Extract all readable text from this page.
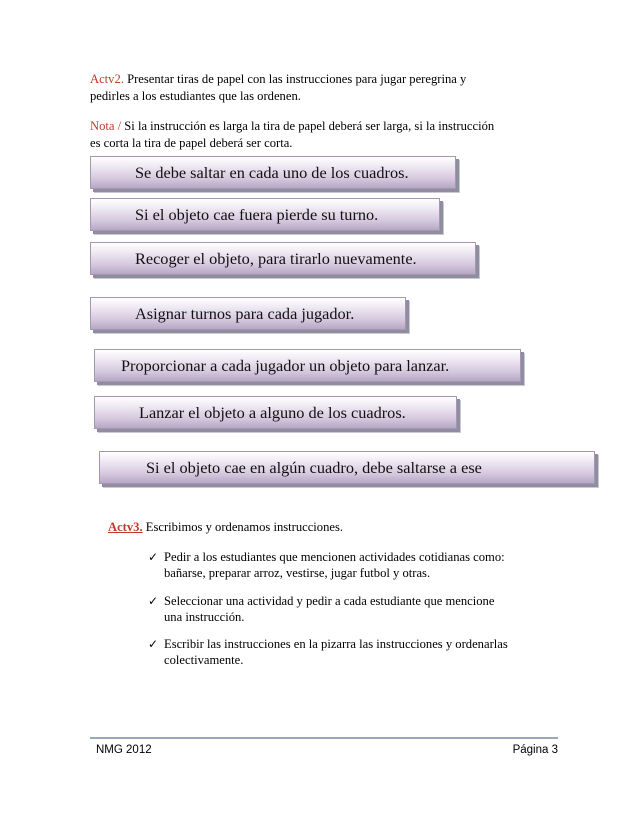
Actv2. Presentar tiras de papel con las instrucciones para jugar peregrina y
pedirles a los estudiantes que las ordenen.
Nota / Si la instrucción es larga la tira de papel deberá ser larga, si la instrucción
es corta la tira de papel deberá ser corta.
Se debe saltar en cada uno de los cuadros.
Si el objeto cae fuera pierde su turno.
Recoger el objeto, para tirarlo nuevamente.
Asignar turnos para cada jugador.
Proporcionar a cada jugador un objeto para lanzar.
Lanzar el objeto a alguno de los cuadros.
Si el objeto cae en algún cuadro, debe saltarse a ese
Actv3. Escribimos y ordenamos instrucciones.
✓ Pedir a los estudiantes que mencionen actividades cotidianas como:
bañarse, preparar arroz, vestirse, jugar futbol y otras.
✓ Seleccionar una actividad y pedir a cada estudiante que mencione
una instrucción.
✓ Escribir las instrucciones en la pizarra las instrucciones y ordenarlas
colectivamente.
NMG 2012	Página 3
